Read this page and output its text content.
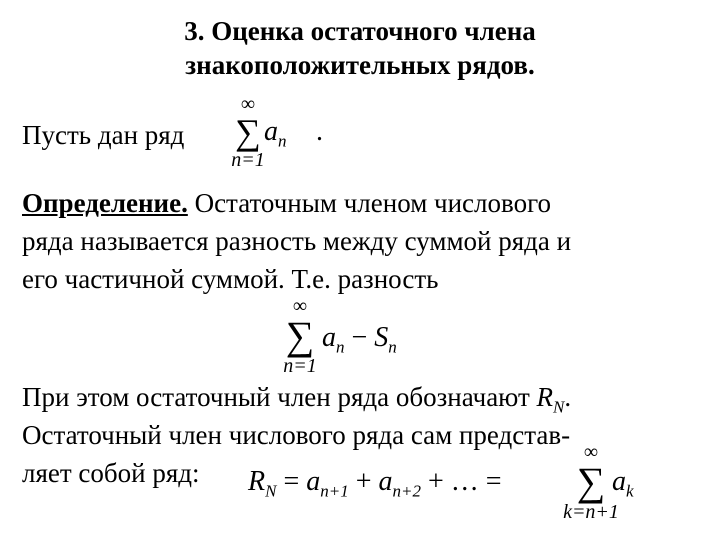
3. Оценка остаточного члена
знакоположительных рядов.
Пусть дан ряд
∞
∑
n=1
$a_n$ .
Определение. Остаточным членом числового
ряда называется разность между суммой ряда и
его частичной суммой. Т.е. разность
∞
∑
n=1
$a_n - S_n$
При этом остаточный член ряда обозначают $R_N$.
Остаточный член числового ряда сам представ-
ляет собой ряд: $R_N = a_{n+1} + a_{n+2}$ + … =
∞
∑
k=n+1
$a_k$
